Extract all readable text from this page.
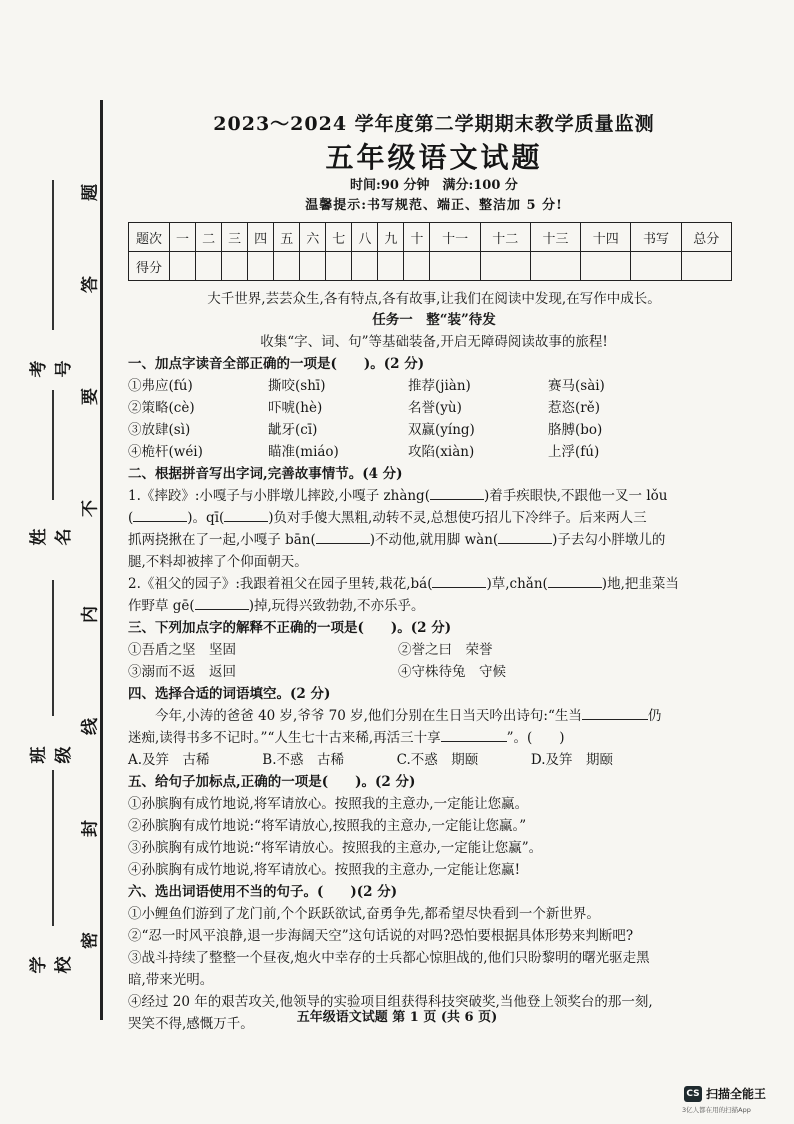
题
答
要
不
内
线
封
密
考号
姓名
班级
学校
2023～2024 学年度第二学期期末教学质量监测
五年级语文试题
时间:90 分钟　满分:100 分
温馨提示:书写规范、端正、整洁加 5 分!
题次	一	二	三	四	五	六	七	八	九	十	十一	十二	十三	十四	书写	总分
得分																
大千世界,芸芸众生,各有特点,各有故事,让我们在阅读中发现,在写作中成长。
任务一　整“装”待发
收集“字、词、句”等基础装备,开启无障碍阅读故事的旅程!
一、加点字读音全部正确的一项是(　　)。(2 分)
①弗应(fú)	撕咬(shī)	推荐(jiàn)	赛马(sài)
②策略(cè)	吓唬(hè)	名誉(yù)	惹恣(rě)
③放肆(sì)	龇牙(cī)	双赢(yíng)	胳膊(bo)
④桅杆(wéi)	瞄准(miáo)	攻陷(xiàn)	上浮(fú)
二、根据拼音写出字词,完善故事情节。(4 分)
1.《摔跤》:小嘎子与小胖墩儿摔跤,小嘎子 zhàng(	)着手疾眼快,不跟他一叉一 lǒu
(	)。qī(	)负对手傻大黑粗,动转不灵,总想使巧招儿下冷绊子。后来两人三
抓两挠揪在了一起,小嘎子 bān(	)不动他,就用脚 wàn(	)子去勾小胖墩儿的
腿,不料却被摔了个仰面朝天。
2.《祖父的园子》:我跟着祖父在园子里转,栽花,bá(	)草,chǎn(	)地,把韭菜当
作野草 gē(	)掉,玩得兴致勃勃,不亦乐乎。
三、下列加点字的解释不正确的一项是(　　)。(2 分)
①吾盾之坚　坚固	②誉之曰　荣誉
③溺而不返　返回	④守株待兔　守候
四、选择合适的词语填空。(2 分)
今年,小涛的爸爸 40 岁,爷爷 70 岁,他们分别在生日当天吟出诗句:“生当	仍
迷痴,读得书多不记时。”“人生七十古来稀,再活三十享	”。(　　)
A.及笄　古稀	B.不惑　古稀	C.不惑　期颐	D.及笄　期颐
五、给句子加标点,正确的一项是(　　)。(2 分)
①孙膑胸有成竹地说,将军请放心。按照我的主意办,一定能让您赢。
②孙膑胸有成竹地说:“将军请放心,按照我的主意办,一定能让您赢。”
③孙膑胸有成竹地说:“将军请放心。按照我的主意办,一定能让您赢”。
④孙膑胸有成竹地说,将军请放心。按照我的主意办,一定能让您赢!
六、选出词语使用不当的句子。(　　)(2 分)
①小鲤鱼们游到了龙门前,个个跃跃欲试,奋勇争先,都希望尽快看到一个新世界。
②“忍一时风平浪静,退一步海阔天空”这句话说的对吗?恐怕要根据具体形势来判断吧?
③战斗持续了整整一个昼夜,炮火中幸存的士兵都心惊胆战的,他们只盼黎明的曙光驱走黑
暗,带来光明。
④经过 20 年的艰苦攻关,他领导的实验项目组获得科技突破奖,当他登上领奖台的那一刻,
哭笑不得,感慨万千。	五年级语文试题 第 1 页 (共 6 页)
CS 扫描全能王
3亿人都在用的扫描App
